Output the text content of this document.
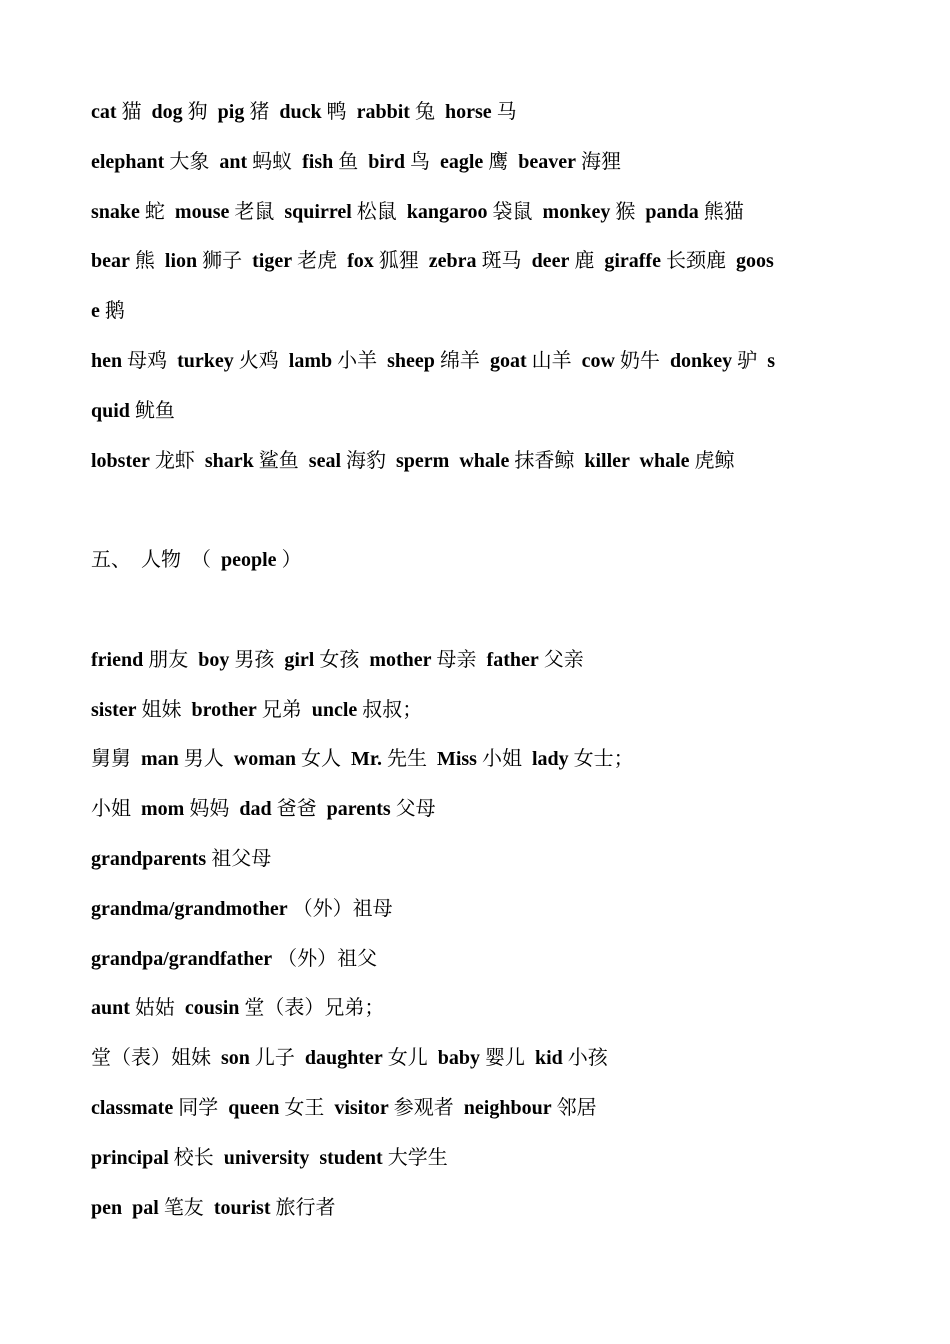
cat 猫 dog 狗 pig 猪 duck 鸭 rabbit 兔 horse 马
elephant 大象 ant 蚂蚁 fish 鱼 bird 鸟 eagle 鹰 beaver 海狸
snake 蛇 mouse 老鼠 squirrel 松鼠 kangaroo 袋鼠 monkey 猴 panda 熊猫
bear 熊 lion 狮子 tiger 老虎 fox 狐狸 zebra 斑马 deer 鹿 giraffe 长颈鹿 goos
e 鹅
hen 母鸡 turkey 火鸡 lamb 小羊 sheep 绵羊 goat 山羊 cow 奶牛 donkey 驴 s
quid 鱿鱼
lobster 龙虾 shark 鲨鱼 seal 海豹 sperm  whale 抹香鲸 killer  whale 虎鲸
五、  人物  （ people ）
friend 朋友 boy 男孩 girl 女孩 mother 母亲 father 父亲
sister 姐妹 brother 兄弟 uncle 叔叔；
舅舅 man 男人 woman 女人 Mr. 先生 Miss 小姐 lady 女士；
小姐 mom 妈妈 dad 爸爸 parents 父母
grandparents 祖父母
grandma/grandmother （外）祖母
grandpa/grandfather （外）祖父
aunt 姑姑 cousin 堂（表）兄弟；
堂（表）姐妹 son 儿子 daughter 女儿 baby 婴儿 kid 小孩
classmate 同学 queen 女王 visitor 参观者 neighbour 邻居
principal 校长 university  student 大学生
pen  pal 笔友 tourist 旅行者
